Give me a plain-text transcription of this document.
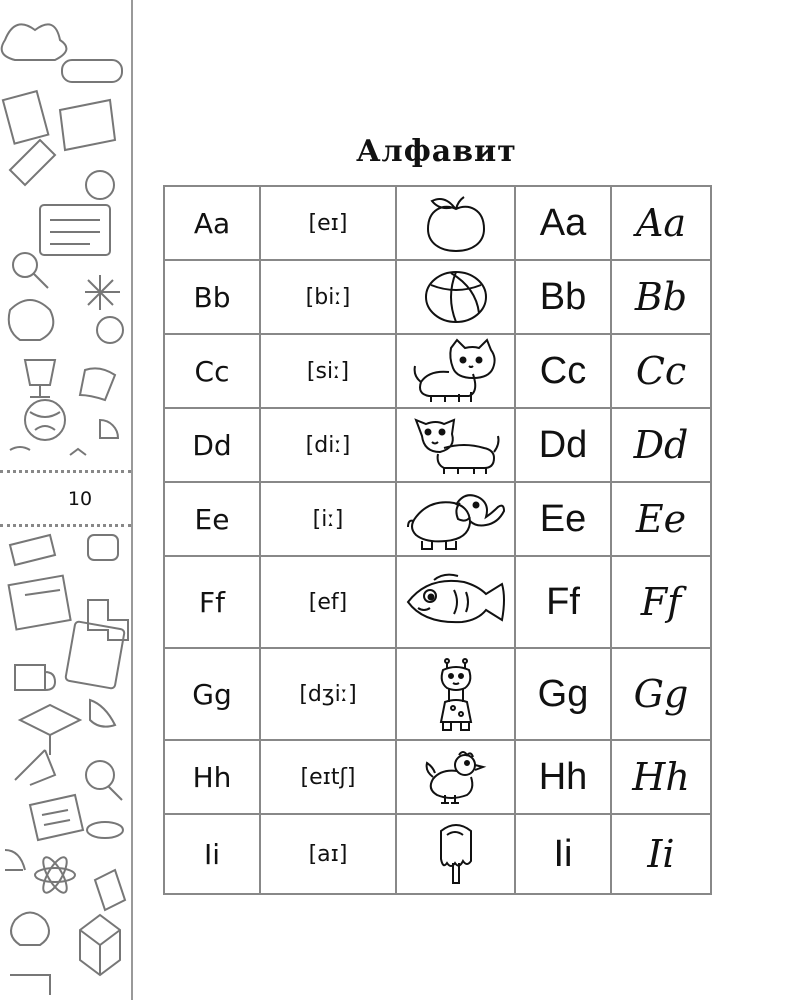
10
Алфавит
Aa	[eɪ]		Aa	Aa
Bb	[biː]		Bb	Bb
Cc	[siː]		Cc	Cc
Dd	[diː]		Dd	Dd
Ee	[iː]		Ee	Ee
Ff	[ef]		Ff	Ff
Gg	[dʒiː]		Gg	Gg
Hh	[eɪtʃ]		Hh	Hh
Ii	[aɪ]		Ii	Ii
